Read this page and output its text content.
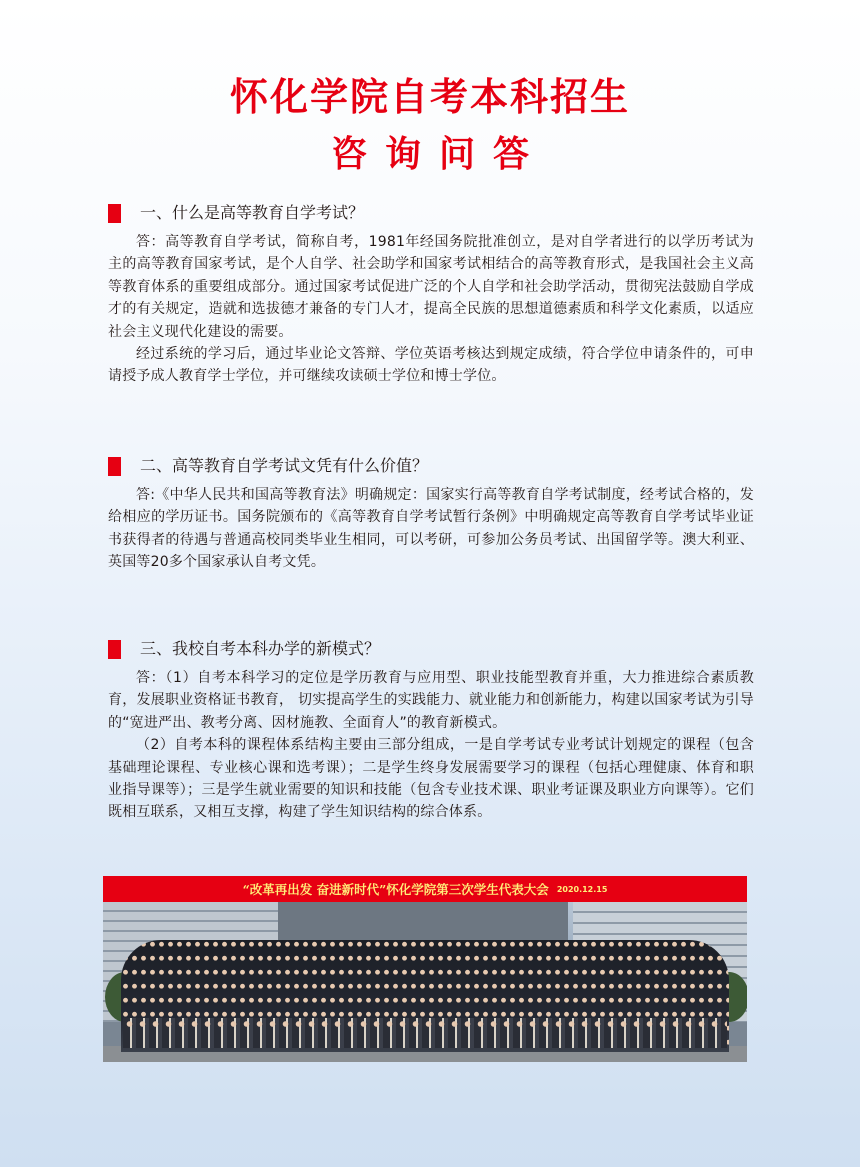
怀化学院自考本科招生
咨询问答
一、什么是高等教育自学考试？

答：高等教育自学考试，简称自考，1981年经国务院批准创立，是对自学者进行的以学历考试为主的高等教育国家考试，是个人自学、社会助学和国家考试相结合的高等教育形式，是我国社会主义高等教育体系的重要组成部分。通过国家考试促进广泛的个人自学和社会助学活动，贯彻宪法鼓励自学成才的有关规定，造就和选拔德才兼备的专门人才，提高全民族的思想道德素质和科学文化素质，以适应社会主义现代化建设的需要。

经过系统的学习后，通过毕业论文答辩、学位英语考核达到规定成绩，符合学位申请条件的，可申请授予成人教育学士学位，并可继续攻读硕士学位和博士学位。

二、高等教育自学考试文凭有什么价值？

答:《中华人民共和国高等教育法》明确规定：国家实行高等教育自学考试制度，经考试合格的，发给相应的学历证书。国务院颁布的《高等教育自学考试暂行条例》中明确规定高等教育自学考试毕业证书获得者的待遇与普通高校同类毕业生相同，可以考研，可参加公务员考试、出国留学等。澳大利亚、英国等20多个国家承认自考文凭。

三、我校自考本科办学的新模式？

答：（1）自考本科学习的定位是学历教育与应用型、职业技能型教育并重，大力推进综合素质教育，发展职业资格证书教育， 切实提高学生的实践能力、就业能力和创新能力，构建以国家考试为引导的“宽进严出、教考分离、因材施教、全面育人”的教育新模式。

（2）自考本科的课程体系结构主要由三部分组成，一是自学考试专业考试计划规定的课程（包含基础理论课程、专业核心课和选考课）；二是学生终身发展需要学习的课程（包括心理健康、体育和职业指导课等）；三是学生就业需要的知识和技能（包含专业技术课、职业考证课及职业方向课等）。它们既相互联系，又相互支撑，构建了学生知识结构的综合体系。

“改革再出发 奋进新时代”怀化学院第三次学生代表大会 2020.12.15
